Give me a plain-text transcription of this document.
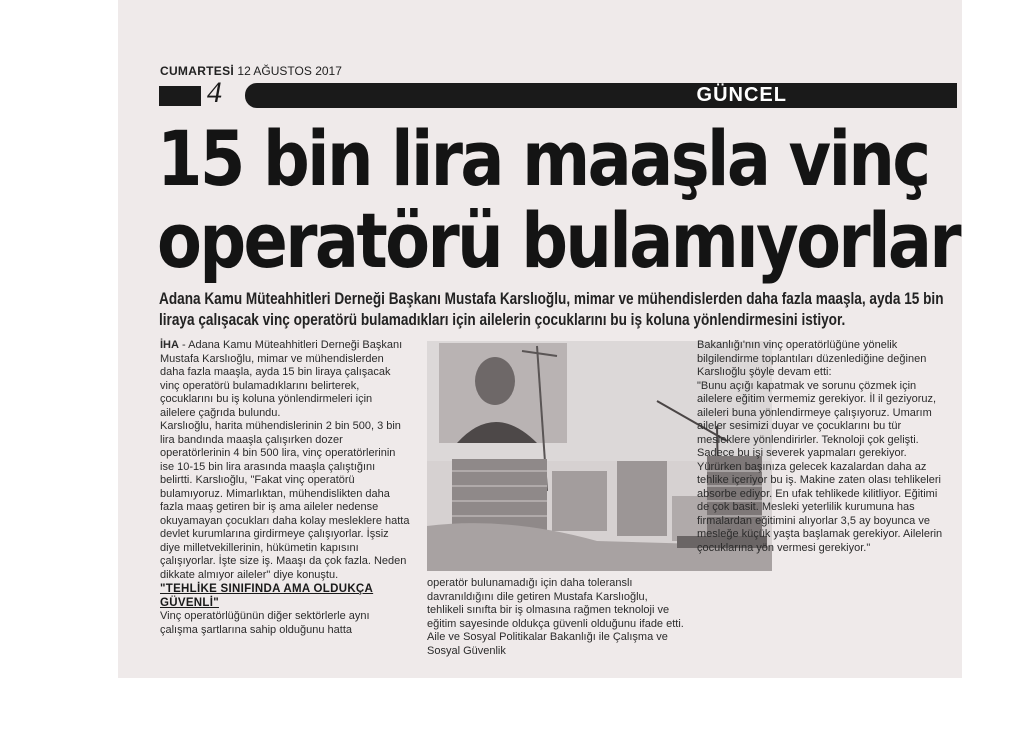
CUMARTESİ 12 AĞUSTOS 2017
4	GÜNCEL
15 bin lira maaşla vinç
operatörü bulamıyorlar
Adana Kamu Müteahhitleri Derneği Başkanı Mustafa Karslıoğlu, mimar ve mühendislerden daha fazla maaşla, ayda 15 bin liraya çalışacak vinç operatörü bulamadıkları için ailelerin çocuklarını bu iş koluna yönlendirmesini istiyor.

İHA - Adana Kamu Müteahhitleri Derneği Başkanı Mustafa Karslıoğlu, mimar ve mühendislerden daha fazla maaşla, ayda 15 bin liraya çalışacak vinç operatörü bulamadıklarını belirterek, çocuklarını bu iş koluna yönlendirmeleri için ailelere çağrıda bulundu.

Karslıoğlu, harita mühendislerinin 2 bin 500, 3 bin lira bandında maaşla çalışırken dozer operatörlerinin 4 bin 500 lira, vinç operatörlerinin ise 10-15 bin lira arasında maaşla çalıştığını belirtti. Karslıoğlu, "Fakat vinç operatörü bulamıyoruz. Mimarlıktan, mühendislikten daha fazla maaş getiren bir iş ama aileler nedense okuyamayan çocukları daha kolay mesleklere hatta devlet kurumlarına girdirmeye çalışıyorlar. İşsiz diye milletvekillerinin, hükümetin kapısını çalışıyorlar. İşte size iş. Maaşı da çok fazla. Neden dikkate almıyor aileler" diye konuştu.

"TEHLİKE SINIFINDA AMA OLDUKÇA GÜVENLİ"

Vinç operatörlüğünün diğer sektörlerle aynı çalışma şartlarına sahip olduğunu hatta

operatör bulunamadığı için daha toleranslı davranıldığını dile getiren Mustafa Karslıoğlu, tehlikeli sınıfta bir iş olmasına rağmen teknoloji ve eğitim sayesinde oldukça güvenli olduğunu ifade etti. Aile ve Sosyal Politikalar Bakanlığı ile Çalışma ve Sosyal Güvenlik

Bakanlığı'nın vinç operatörlüğüne yönelik bilgilendirme toplantıları düzenlediğine değinen Karslıoğlu şöyle devam etti:

"Bunu açığı kapatmak ve sorunu çözmek için ailelere eğitim vermemiz gerekiyor. İl il geziyoruz, aileleri buna yönlendirmeye çalışıyoruz. Umarım aileler sesimizi duyar ve çocuklarını bu tür mesleklere yönlendirirler. Teknoloji çok gelişti. Sadece bu işi severek yapmaları gerekiyor. Yürürken başınıza gelecek kazalardan daha az tehlike içeriyor bu iş. Makine zaten olası tehlikeleri absorbe ediyor. En ufak tehlikede kilitliyor. Eğitimi de çok basit. Mesleki yeterlilik kurumuna has firmalardan eğitimini alıyorlar 3,5 ay boyunca ve mesleğe küçük yaşta başlamak gerekiyor. Ailelerin çocuklarına yön vermesi gerekiyor."
